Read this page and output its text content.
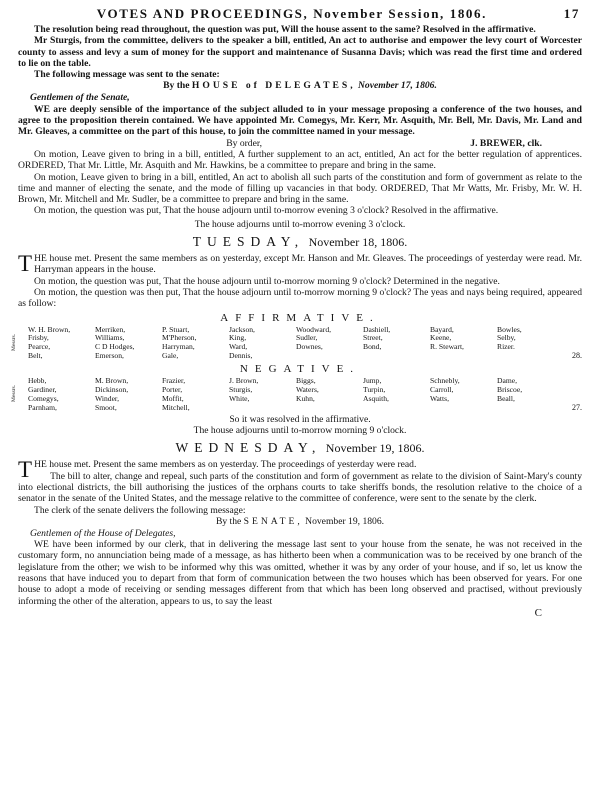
VOTES AND PROCEEDINGS, November Session, 1806.	17

The resolution being read throughout, the question was put, Will the house assent to the same? Resolved in the affirmative.

Mr Sturgis, from the committee, delivers to the speaker a bill, entitled, An act to authorise and empower the levy court of Worcester county to assess and levy a sum of money for the support and maintenance of Susanna Davis; which was read the first time and ordered to lie on the table.

The following message was sent to the senate:

By the HOUSE of DELEGATES, November 17, 1806.

Gentlemen of the Senate,

WE are deeply sensible of the importance of the subject alluded to in your message proposing a conference of the two houses, and agree to the proposition therein contained. We have appointed Mr. Comegys, Mr. Kerr, Mr. Asquith, Mr. Bell, Mr. Davis, Mr. Land and Mr. Gleaves, a committee on the part of this house, to join the committee named in your message.

By order,	J. BREWER, clk.

On motion, Leave given to bring in a bill, entitled, A further supplement to an act, entitled, An act for the better regulation of apprentices. ORDERED, That Mr. Little, Mr. Asquith and Mr. Hawkins, be a committee to prepare and bring in the same.

On motion, Leave given to bring in a bill, entitled, An act to abolish all such parts of the constitution and form of government as relate to the time and manner of electing the senate, and the mode of filling up vacancies in that body. ORDERED, That Mr Watts, Mr. Frisby, Mr. W. H. Brown, Mr. Mitchell and Mr. Sudler, be a committee to prepare and bring in the same.

On motion, the question was put, That the house adjourn until to-morrow evening 3 o'clock? Resolved in the affirmative.

The house adjourns until to-morrow evening 3 o'clock.

TUESDAY, November 18, 1806.

THE house met. Present the same members as on yesterday, except Mr. Hanson and Mr. Gleaves. The proceedings of yesterday were read. Mr. Harryman appears in the house.

On motion, the question was put, That the house adjourn until to-morrow morning 9 o'clock? Determined in the negative.

On motion, the question was then put, That the house adjourn until to-morrow morning 9 o'clock? The yeas and nays being required, appeared as follow:

AFFIRMATIVE.
Messrs.
W. H. Brown,
Frisby,
Pearce,
Belt,
Merriken,
Williams,
C D Hodges,
Emerson,
P. Stuart,
M'Pherson,
Harryman,
Gale,
Jackson,
King,
Ward,
Dennis,
Woodward,
Sudler,
Downes,
Dashiell,
Street,
Bond,
Bayard,
Keene,
R. Stewart,
Bowles,
Selby,
Rizer.
28.
NEGATIVE.
Messrs.
Hebb,
Gardiner,
Comegys,
Parnham,
M. Brown,
Dickinson,
Winder,
Smoot,
Frazier,
Porter,
Moffit,
Mitchell,
J. Brown,
Sturgis,
White,
Biggs,
Waters,
Kuhn,
Jump,
Turpin,
Asquith,
Schnebly,
Carroll,
Watts,
Dame,
Briscoe,
Beall,
27.

So it was resolved in the affirmative.

The house adjourns until to-morrow morning 9 o'clock.

WEDNESDAY, November 19, 1806.

THE house met. Present the same members as on yesterday. The proceedings of yesterday were read.

The bill to alter, change and repeal, such parts of the constitution and form of government as relate to the division of Saint-Mary's county into electional districts, the bill authorising the justices of the orphans courts to take sheriffs bonds, the resolution relative to the choice of a senator in the senate of the United States, and the message relative to the committee of conference, were sent to the senate by the clerk.

The clerk of the senate delivers the following message:

By the SENATE, November 19, 1806.

Gentlemen of the House of Delegates,

WE have been informed by our clerk, that in delivering the message last sent to your house from the senate, he was not received in the customary form, no annunciation being made of a message, as has hitherto been when a communication was to be received by one branch of the legislature from the other; we wish to be informed why this was omitted, whether it was by any order of your house, and if so, let us know the reasons that have induced you to depart from that form of communication between the two houses which has been observed for years. For one house to adopt a mode of receiving or sending messages different from that which has been long observed and practised, without previously informing the other of the alteration, appears to us, to say the least

C
